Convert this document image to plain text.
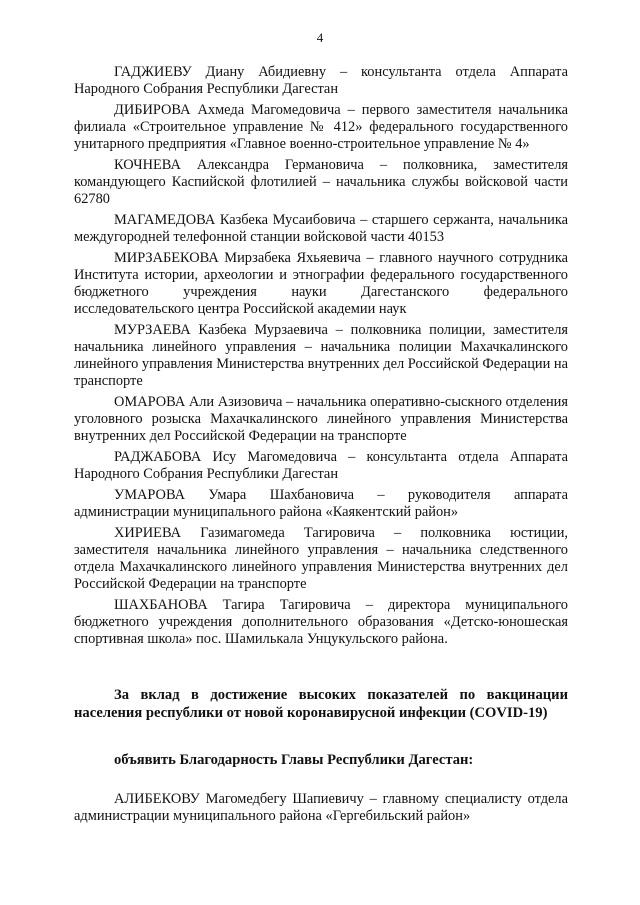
4

ГАДЖИЕВУ Диану Абидиевну – консультанта отдела Аппарата Народного Собрания Республики Дагестан

ДИБИРОВА Ахмеда Магомедовича – первого заместителя начальника филиала «Строительное управление № 412» федерального государственного унитарного предприятия «Главное военно-строительное управление № 4»

КОЧНЕВА Александра Германовича – полковника, заместителя командующего Каспийской флотилией – начальника службы войсковой части 62780

МАГАМЕДОВА Казбека Мусаибовича – старшего сержанта, начальника междугородней телефонной станции войсковой части 40153

МИРЗАБЕКОВА Мирзабека Яхьяевича – главного научного сотрудника Института истории, археологии и этнографии федерального государственного бюджетного учреждения науки Дагестанского федерального исследовательского центра Российской академии наук

МУРЗАЕВА Казбека Мурзаевича – полковника полиции, заместителя начальника линейного управления – начальника полиции Махачкалинского линейного управления Министерства внутренних дел Российской Федерации на транспорте

ОМАРОВА Али Азизовича – начальника оперативно-сыскного отделения уголовного розыска Махачкалинского линейного управления Министерства внутренних дел Российской Федерации на транспорте

РАДЖАБОВА Ису Магомедовича – консультанта отдела Аппарата Народного Собрания Республики Дагестан

УМАРОВА Умара Шахбановича – руководителя аппарата администрации муниципального района «Каякентский район»

ХИРИЕВА Газимагомеда Тагировича – полковника юстиции, заместителя начальника линейного управления – начальника следственного отдела Махачкалинского линейного управления Министерства внутренних дел Российской Федерации на транспорте

ШАХБАНОВА Тагира Тагировича – директора муниципального бюджетного учреждения дополнительного образования «Детско-юношеская спортивная школа» пос. Шамилькала Унцукульского района.

За вклад в достижение высоких показателей по вакцинации населения республики от новой коронавирусной инфекции (COVID-19)
объявить Благодарность Главы Республики Дагестан:
АЛИБЕКОВУ Магомедбегу Шапиевичу – главному специалисту отдела администрации муниципального района «Гергебильский район»
